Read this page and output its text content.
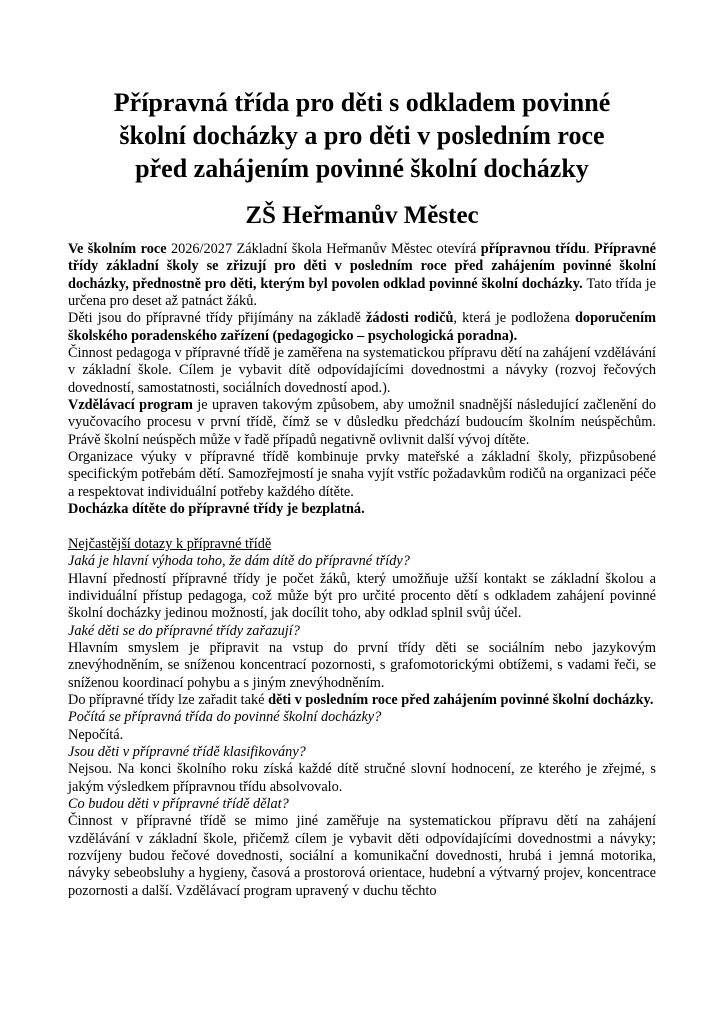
Přípravná třída pro děti s odkladem povinné
školní docházky a pro děti v posledním roce
před zahájením povinné školní docházky
ZŠ Heřmanův Městec

Ve školním roce 2026/2027 Základní škola Heřmanův Městec otevírá přípravnou třídu. Přípravné třídy základní školy se zřizují pro děti v posledním roce před zahájením povinné školní docházky, přednostně pro děti, kterým byl povolen odklad povinné školní docházky. Tato třída je určena pro deset až patnáct žáků.

Děti jsou do přípravné třídy přijímány na základě žádosti rodičů, která je podložena doporučením školského poradenského zařízení (pedagogicko – psychologická poradna).

Činnost pedagoga v přípravné třídě je zaměřena na systematickou přípravu dětí na zahájení vzdělávání v základní škole. Cílem je vybavit dítě odpovídajícími dovednostmi a návyky (rozvoj řečových dovedností, samostatnosti, sociálních dovedností apod.).

Vzdělávací program je upraven takovým způsobem, aby umožnil snadnější následující začlenění do vyučovacího procesu v první třídě, čímž se v důsledku předchází budoucím školním neúspěchům. Právě školní neúspěch může v řadě případů negativně ovlivnit další vývoj dítěte.

Organizace výuky v přípravné třídě kombinuje prvky mateřské a základní školy, přizpůsobené specifickým potřebám dětí. Samozřejmostí je snaha vyjít vstříc požadavkům rodičů na organizaci péče a respektovat individuální potřeby každého dítěte.

Docházka dítěte do přípravné třídy je bezplatná.

Nejčastější dotazy k přípravné třídě

Jaká je hlavní výhoda toho, že dám dítě do přípravné třídy?

Hlavní předností přípravné třídy je počet žáků, který umožňuje užší kontakt se základní školou a individuální přístup pedagoga, což může být pro určité procento dětí s odkladem zahájení povinné školní docházky jedinou možností, jak docílit toho, aby odklad splnil svůj účel.

Jaké děti se do přípravné třídy zařazují?

Hlavním smyslem je připravit na vstup do první třídy děti se sociálním nebo jazykovým znevýhodněním, se sníženou koncentrací pozornosti, s grafomotorickými obtížemi, s vadami řeči, se sníženou koordinací pohybu a s jiným znevýhodněním.

Do přípravné třídy lze zařadit také děti v posledním roce před zahájením povinné školní docházky.

Počítá se přípravná třída do povinné školní docházky?

Nepočítá.

Jsou děti v přípravné třídě klasifikovány?

Nejsou. Na konci školního roku získá každé dítě stručné slovní hodnocení, ze kterého je zřejmé, s jakým výsledkem přípravnou třídu absolvovalo.

Co budou děti v přípravné třídě dělat?

Činnost v přípravné třídě se mimo jiné zaměřuje na systematickou přípravu dětí na zahájení vzdělávání v základní škole, přičemž cílem je vybavit děti odpovídajícími dovednostmi a návyky; rozvíjeny budou řečové dovednosti, sociální a komunikační dovednosti, hrubá i jemná motorika, návyky sebeobsluhy a hygieny, časová a prostorová orientace, hudební a výtvarný projev, koncentrace pozornosti a další. Vzdělávací program upravený v duchu těchto
